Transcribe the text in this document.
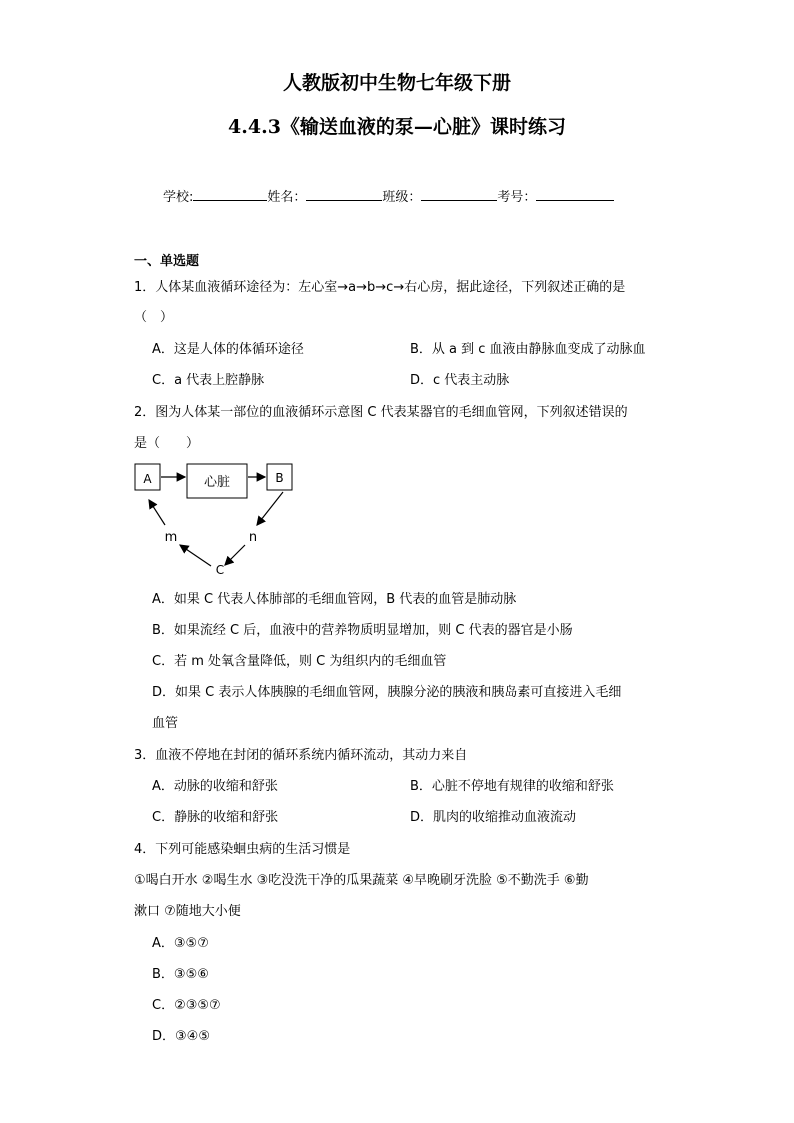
人教版初中生物七年级下册
4.4.3《输送血液的泵—心脏》课时练习
学校:	姓名：	班级：	考号：
一、单选题
1．人体某血液循环途径为：左心室→a→b→c→右心房，据此途径，下列叙述正确的是
（　）
A．这是人体的体循环途径	B．从 a 到 c 血液由静脉血变成了动脉血
C．a 代表上腔静脉	D．c 代表主动脉
2．图为人体某一部位的血液循环示意图 C 代表某器官的毛细血管网，下列叙述错误的
是（　　）
A	心脏	B
n
C
m
A．如果 C 代表人体肺部的毛细血管网，B 代表的血管是肺动脉
B．如果流经 C 后，血液中的营养物质明显增加，则 C 代表的器官是小肠
C．若 m 处氧含量降低，则 C 为组织内的毛细血管
D．如果 C 表示人体胰腺的毛细血管网，胰腺分泌的胰液和胰岛素可直接进入毛细
血管
3．血液不停地在封闭的循环系统内循环流动，其动力来自
A．动脉的收缩和舒张	B．心脏不停地有规律的收缩和舒张
C．静脉的收缩和舒张	D．肌肉的收缩推动血液流动
4．下列可能感染蛔虫病的生活习惯是
①喝白开水 ②喝生水 ③吃没洗干净的瓜果蔬菜 ④早晚刷牙洗脸 ⑤不勤洗手 ⑥勤
漱口 ⑦随地大小便
A．③⑤⑦
B．③⑤⑥
C．②③⑤⑦
D．③④⑤
